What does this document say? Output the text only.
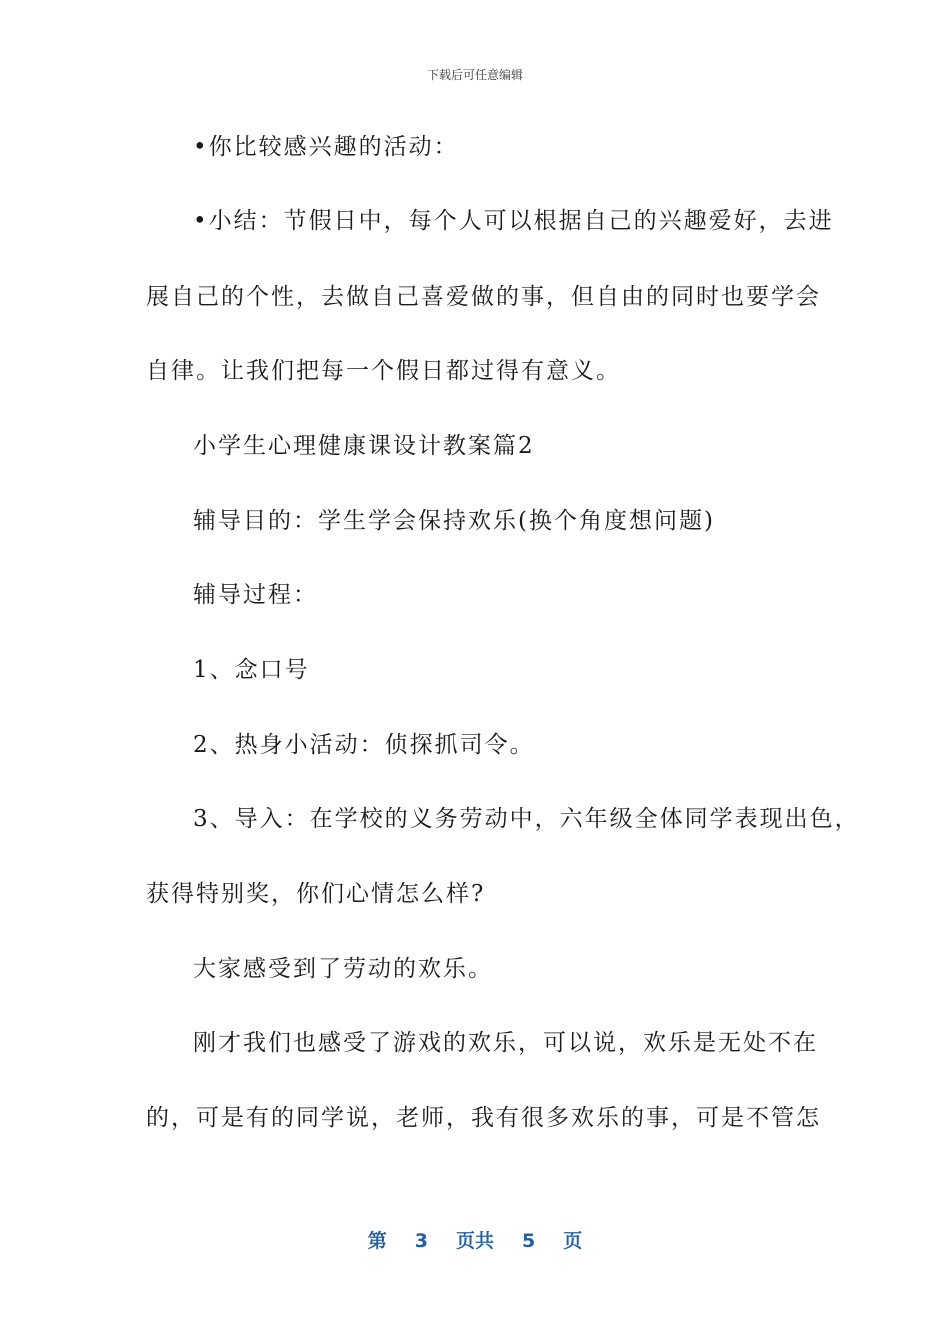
下载后可任意编辑
•你比较感兴趣的活动：
•小结：节假日中，每个人可以根据自己的兴趣爱好，去进
展自己的个性，去做自己喜爱做的事，但自由的同时也要学会
自律。让我们把每一个假日都过得有意义。
小学生心理健康课设计教案篇2
辅导目的：学生学会保持欢乐(换个角度想问题)
辅导过程：
1、念口号
2、热身小活动：侦探抓司令。
3、导入：在学校的义务劳动中，六年级全体同学表现出色，
获得特别奖，你们心情怎么样?
大家感受到了劳动的欢乐。
刚才我们也感受了游戏的欢乐，可以说，欢乐是无处不在
的，可是有的同学说，老师，我有很多欢乐的事，可是不管怎
第 3 页共 5 页
